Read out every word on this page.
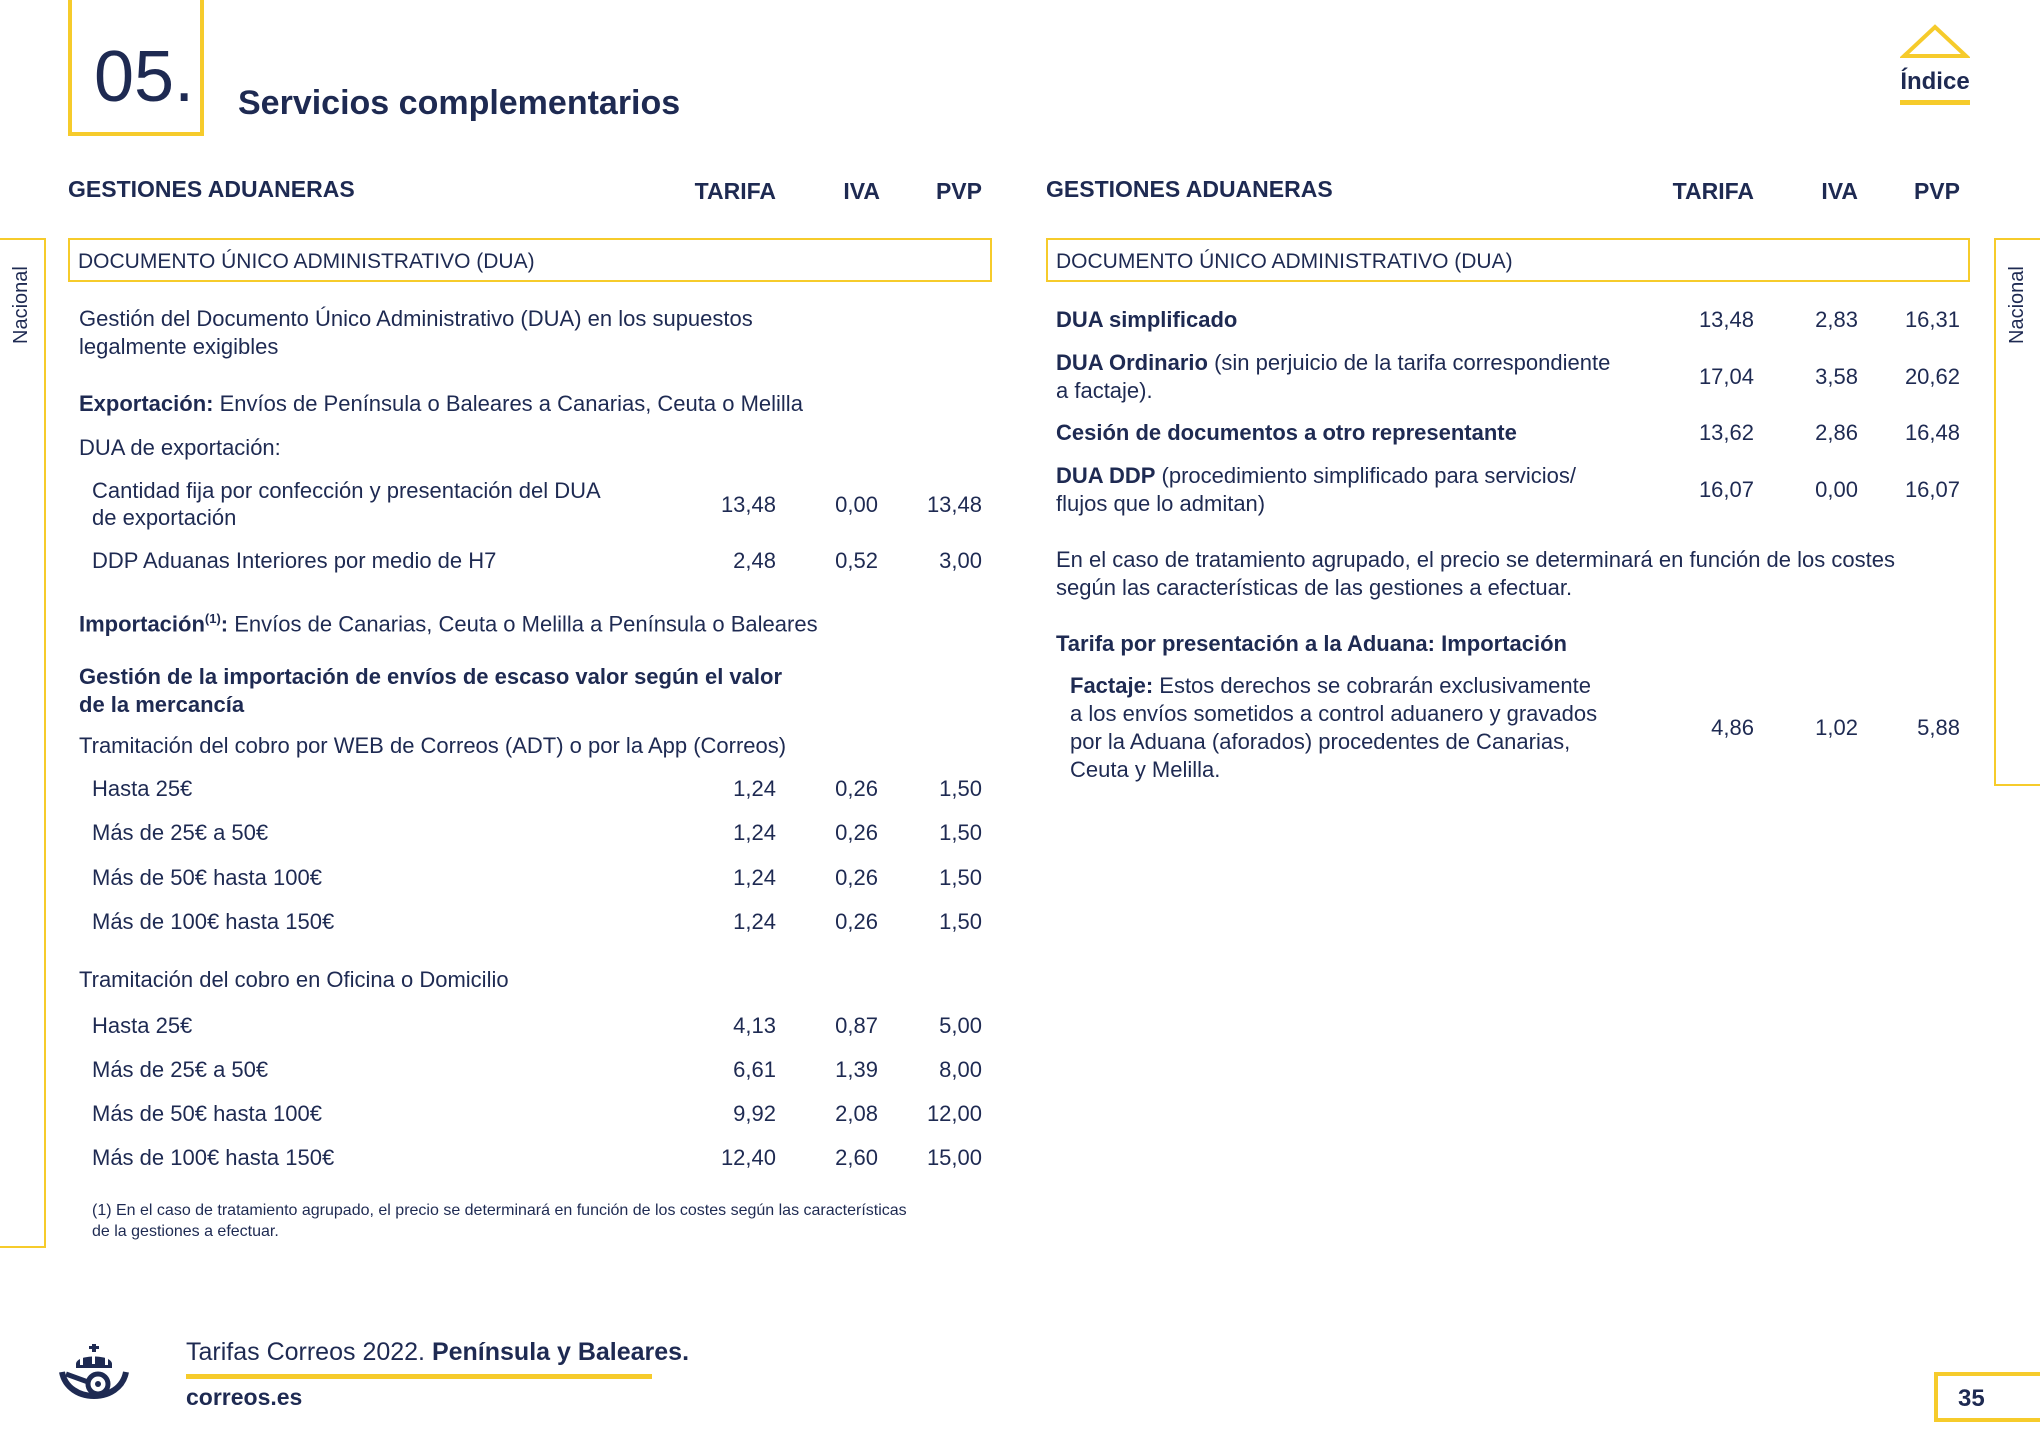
05. Servicios complementarios
Índice
Nacional	Nacional
GESTIONES ADUANERAS	TARIFA	IVA	PVP
DOCUMENTO ÚNICO ADMINISTRATIVO (DUA)
Gestión del Documento Único Administrativo (DUA) en los supuestos
legalmente exigibles
Exportación: Envíos de Península o Baleares a Canarias, Ceuta o Melilla
DUA de exportación:
Cantidad fija por confección y presentación del DUA
de exportación
13,48	0,00	13,48
DDP Aduanas Interiores por medio de H7	2,48	0,52	3,00
Importación$^{(1)}$: Envíos de Canarias, Ceuta o Melilla a Península o Baleares
Gestión de la importación de envíos de escaso valor según el valor
de la mercancía
Tramitación del cobro por WEB de Correos (ADT) o por la App (Correos)
Hasta 25€	1,24	0,26	1,50
Más de 25€ a 50€	1,24	0,26	1,50
Más de 50€ hasta 100€	1,24	0,26	1,50
Más de 100€ hasta 150€	1,24	0,26	1,50
Tramitación del cobro en Oficina o Domicilio
Hasta 25€	4,13	0,87	5,00
Más de 25€ a 50€	6,61	1,39	8,00
Más de 50€ hasta 100€	9,92	2,08	12,00
Más de 100€ hasta 150€	12,40	2,60	15,00
(1) En el caso de tratamiento agrupado, el precio se determinará en función de los costes según las características
de la gestiones a efectuar.
GESTIONES ADUANERAS	TARIFA	IVA	PVP
DOCUMENTO ÚNICO ADMINISTRATIVO (DUA)
DUA simplificado	13,48	2,83	16,31
DUA Ordinario (sin perjuicio de la tarifa correspondiente
a factaje).
17,04	3,58	20,62
Cesión de documentos a otro representante	13,62	2,86	16,48
DUA DDP (procedimiento simplificado para servicios/
flujos que lo admitan)
16,07	0,00	16,07
En el caso de tratamiento agrupado, el precio se determinará en función de los costes
según las características de las gestiones a efectuar.
Tarifa por presentación a la Aduana: Importación
Factaje: Estos derechos se cobrarán exclusivamente
a los envíos sometidos a control aduanero y gravados
por la Aduana (aforados) procedentes de Canarias,
Ceuta y Melilla.
4,86	1,02	5,88
Tarifas Correos 2022. Península y Baleares.
correos.es	35
